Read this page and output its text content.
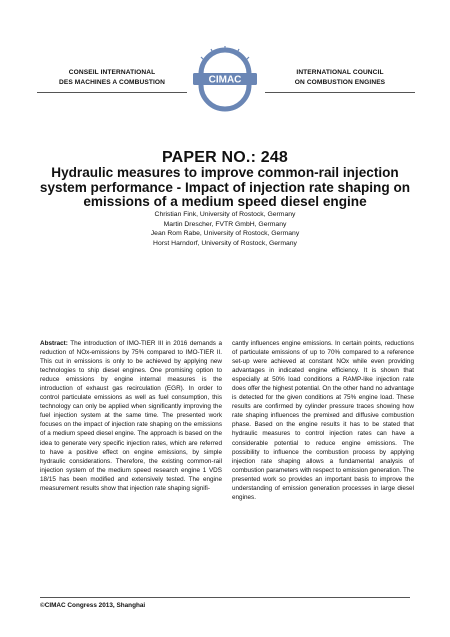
CONSEIL INTERNATIONAL
DES MACHINES A COMBUSTION	CIMAC
INTERNATIONAL COUNCIL
ON COMBUSTION ENGINES
PAPER NO.: 248
Hydraulic measures to improve common-rail injection system performance - Impact of injection rate shaping on emissions of a medium speed diesel engine
Christian Fink, University of Rostock, Germany
Martin Drescher, FVTR GmbH, Germany
Jean Rom Rabe, University of Rostock, Germany
Horst Harndorf, University of Rostock, Germany

Abstract: The introduction of IMO-TIER III in 2016 demands a reduction of NOx-emissions by 75% compared to IMO-TIER II. This cut in emissions is only to be achieved by applying new technologies to ship diesel engines. One promising option to reduce emissions by engine internal measures is the introduction of exhaust gas recirculation (EGR). In order to control particulate emissions as well as fuel consumption, this technology can only be applied when significantly improving the fuel injection system at the same time. The presented work focuses on the impact of injection rate shaping on the emissions of a medium speed diesel engine. The approach is based on the idea to generate very specific injection rates, which are referred to have a positive effect on engine emissions, by simple hydraulic considerations. Therefore, the existing common-rail injection system of the medium speed research engine 1 VDS 18/15 has been modified and extensively tested. The engine measurement results show that injection rate shaping signifi-

cantly influences engine emissions. In certain points, reductions of particulate emissions of up to 70% compared to a reference set-up were achieved at constant NOx while even providing advantages in indicated engine efficiency. It is shown that especially at 50% load conditions a RAMP-like injection rate does offer the highest potential. On the other hand no advantage is detected for the given conditions at 75% engine load. These results are confirmed by cylinder pressure traces showing how rate shaping influences the premixed and diffusive combustion phase. Based on the engine results it has to be stated that hydraulic measures to control injection rates can have a considerable potential to reduce engine emissions. The possibility to influence the combustion process by applying injection rate shaping allows a fundamental analysis of combustion parameters with respect to emission generation. The presented work so provides an important basis to improve the understanding of emission generation processes in large diesel engines.

©CIMAC Congress 2013, Shanghai
